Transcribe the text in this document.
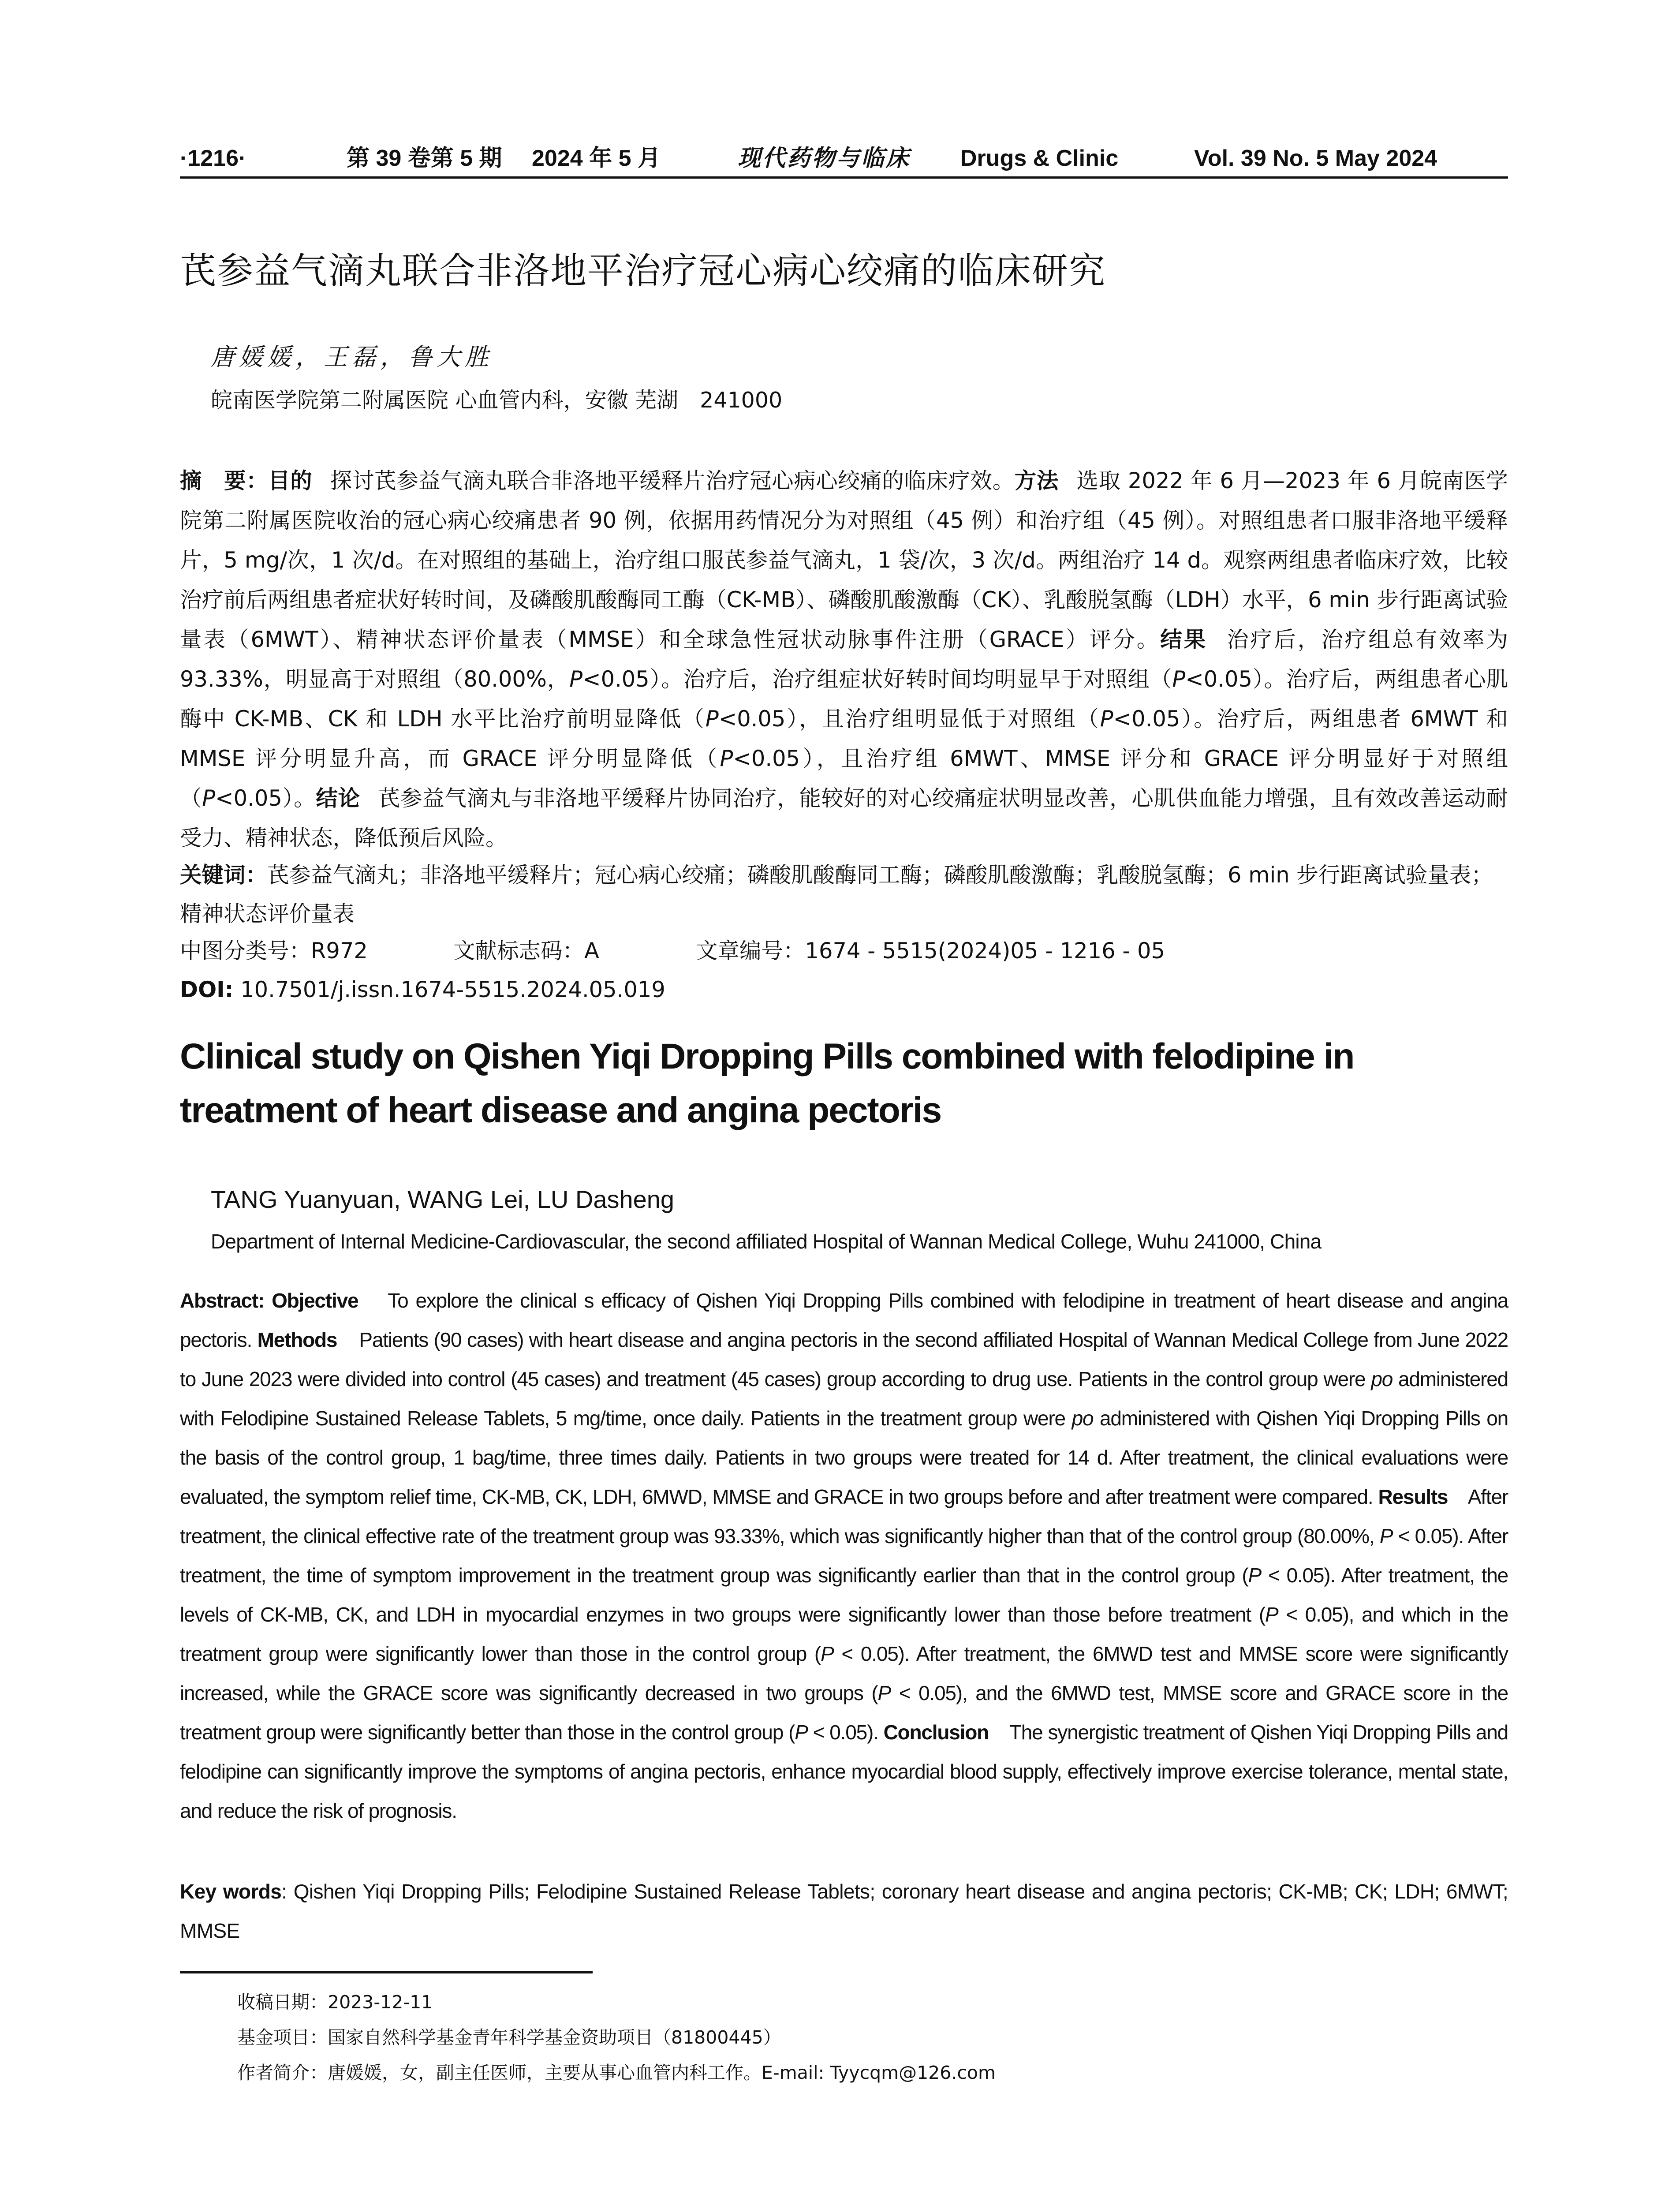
·1216·	第 39 卷第 5 期 2024 年 5 月	现代药物与临床 Drugs & Clinic	Vol. 39 No. 5 May 2024
芪参益气滴丸联合非洛地平治疗冠心病心绞痛的临床研究
唐媛媛，王磊，鲁大胜
皖南医学院第二附属医院 心血管内科，安徽 芜湖　241000

摘　要：目的 探讨芪参益气滴丸联合非洛地平缓释片治疗冠心病心绞痛的临床疗效。方法 选取 2022 年 6 月—2023 年 6 月皖南医学院第二附属医院收治的冠心病心绞痛患者 90 例，依据用药情况分为对照组（45 例）和治疗组（45 例）。对照组患者口服非洛地平缓释片，5 mg/次，1 次/d。在对照组的基础上，治疗组口服芪参益气滴丸，1 袋/次，3 次/d。两组治疗 14 d。观察两组患者临床疗效，比较治疗前后两组患者症状好转时间，及磷酸肌酸酶同工酶（CK-MB）、磷酸肌酸激酶（CK）、乳酸脱氢酶（LDH）水平，6 min 步行距离试验量表（6MWT）、精神状态评价量表（MMSE）和全球急性冠状动脉事件注册（GRACE）评分。结果 治疗后，治疗组总有效率为 93.33%，明显高于对照组（80.00%，P<0.05）。治疗后，治疗组症状好转时间均明显早于对照组（P<0.05）。治疗后，两组患者心肌酶中 CK-MB、CK 和 LDH 水平比治疗前明显降低（P<0.05），且治疗组明显低于对照组（P<0.05）。治疗后，两组患者 6MWT 和 MMSE 评分明显升高，而 GRACE 评分明显降低（P<0.05），且治疗组 6MWT、MMSE 评分和 GRACE 评分明显好于对照组（P<0.05）。结论 芪参益气滴丸与非洛地平缓释片协同治疗，能较好的对心绞痛症状明显改善，心肌供血能力增强，且有效改善运动耐受力、精神状态，降低预后风险。

关键词：芪参益气滴丸；非洛地平缓释片；冠心病心绞痛；磷酸肌酸酶同工酶；磷酸肌酸激酶；乳酸脱氢酶；6 min 步行距离试验量表；精神状态评价量表

中图分类号：R972	文献标志码：A	文章编号：1674 - 5515(2024)05 - 1216 - 05

DOI: 10.7501/j.issn.1674-5515.2024.05.019

Clinical study on Qishen Yiqi Dropping Pills combined with felodipine in treatment of heart disease and angina pectoris
TANG Yuanyuan, WANG Lei, LU Dasheng
Department of Internal Medicine-Cardiovascular, the second affiliated Hospital of Wannan Medical College, Wuhu 241000, China

Abstract: Objective To explore the clinical s efficacy of Qishen Yiqi Dropping Pills combined with felodipine in treatment of heart disease and angina pectoris. Methods Patients (90 cases) with heart disease and angina pectoris in the second affiliated Hospital of Wannan Medical College from June 2022 to June 2023 were divided into control (45 cases) and treatment (45 cases) group according to drug use. Patients in the control group were po administered with Felodipine Sustained Release Tablets, 5 mg/time, once daily. Patients in the treatment group were po administered with Qishen Yiqi Dropping Pills on the basis of the control group, 1 bag/time, three times daily. Patients in two groups were treated for 14 d. After treatment, the clinical evaluations were evaluated, the symptom relief time, CK-MB, CK, LDH, 6MWD, MMSE and GRACE in two groups before and after treatment were compared. Results After treatment, the clinical effective rate of the treatment group was 93.33%, which was significantly higher than that of the control group (80.00%, P < 0.05). After treatment, the time of symptom improvement in the treatment group was significantly earlier than that in the control group (P < 0.05). After treatment, the levels of CK-MB, CK, and LDH in myocardial enzymes in two groups were significantly lower than those before treatment (P < 0.05), and which in the treatment group were significantly lower than those in the control group (P < 0.05). After treatment, the 6MWD test and MMSE score were significantly increased, while the GRACE score was significantly decreased in two groups (P < 0.05), and the 6MWD test, MMSE score and GRACE score in the treatment group were significantly better than those in the control group (P < 0.05). Conclusion The synergistic treatment of Qishen Yiqi Dropping Pills and felodipine can significantly improve the symptoms of angina pectoris, enhance myocardial blood supply, effectively improve exercise tolerance, mental state, and reduce the risk of prognosis.

Key words: Qishen Yiqi Dropping Pills; Felodipine Sustained Release Tablets; coronary heart disease and angina pectoris; CK-MB; CK; LDH; 6MWT; MMSE

收稿日期：2023-12-11
基金项目：国家自然科学基金青年科学基金资助项目（81800445）
作者简介：唐媛媛，女，副主任医师，主要从事心血管内科工作。E-mail: Tyycqm@126.com
